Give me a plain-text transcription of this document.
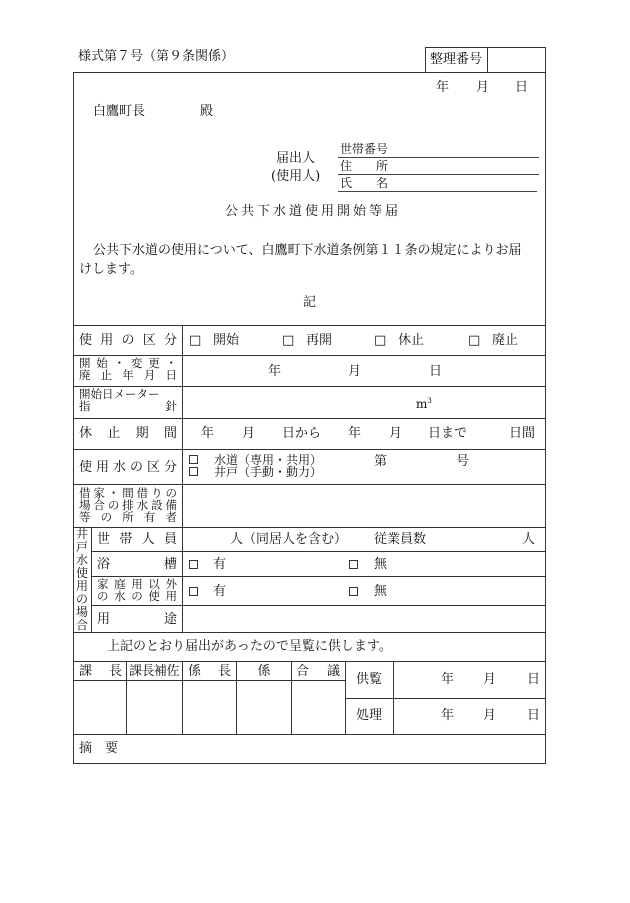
様式第７号（第９条関係）	整理番号
年 月 日
白鷹町長	殿
届出人
(使用人)
世帯番号
住　　所
氏　　名
公共下水道使用開始等届
公共下水道の使用について、白鷹町下水道条例第１１条の規定によりお届
けします。
記
使用の区分 □ 開始	□ 再開	□ 休止	□ 廃止
開始・変更・
廃止年月日	年	月	日
開始日メーター
指針	$m^3$
休止期間 年 月 日から 年 月 日まで	日間
使用水の区分	水道（専用・共用）
井戸（手動・動力）
第	号
借家・間借りの
場合の排水設備
等の所有者
井
戸
水
使
用
の
場
合
世帯人員	人（同居人を含む） 従業員数	人
浴槽	有	無
家庭用以外
の水の使用	有	無
用途
上記のとおり届出があったので呈覧に供します。
課長 課長補佐 係長	係	合議
供覧	年 月 日
処理	年 月 日
摘　要
